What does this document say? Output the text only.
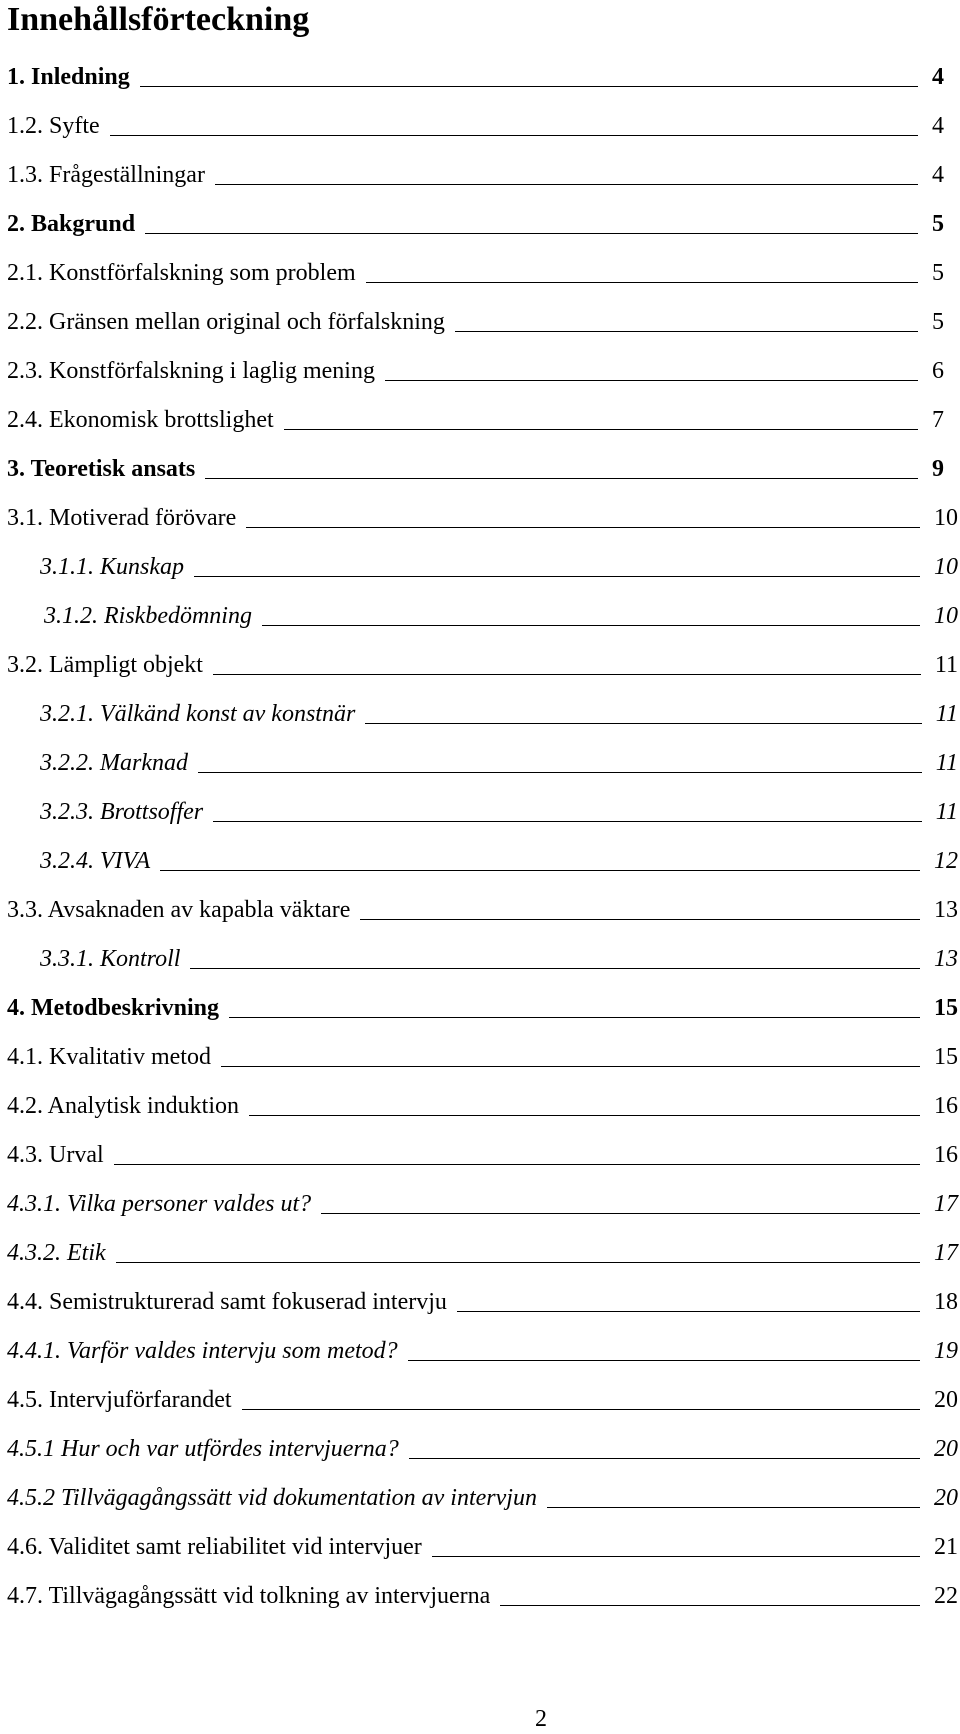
Innehållsförteckning
1. Inledning	4
1.2. Syfte	4
1.3. Frågeställningar	4
2. Bakgrund	5
2.1. Konstförfalskning som problem	5
2.2. Gränsen mellan original och förfalskning	5
2.3. Konstförfalskning i laglig mening	6
2.4. Ekonomisk brottslighet	7
3. Teoretisk ansats	9
3.1. Motiverad förövare	10
3.1.1. Kunskap	10
3.1.2. Riskbedömning	10
3.2. Lämpligt objekt	11
3.2.1. Välkänd konst av konstnär	11
3.2.2. Marknad	11
3.2.3. Brottsoffer	11
3.2.4. VIVA	12
3.3. Avsaknaden av kapabla väktare	13
3.3.1. Kontroll	13
4. Metodbeskrivning	15
4.1. Kvalitativ metod	15
4.2. Analytisk induktion	16
4.3. Urval	16
4.3.1. Vilka personer valdes ut?	17
4.3.2. Etik	17
4.4. Semistrukturerad samt fokuserad intervju	18
4.4.1. Varför valdes intervju som metod?	19
4.5. Intervjuförfarandet	20
4.5.1 Hur och var utfördes intervjuerna?	20
4.5.2 Tillvägagångssätt vid dokumentation av intervjun	20
4.6. Validitet samt reliabilitet vid intervjuer	21
4.7. Tillvägagångssätt vid tolkning av intervjuerna	22
2
